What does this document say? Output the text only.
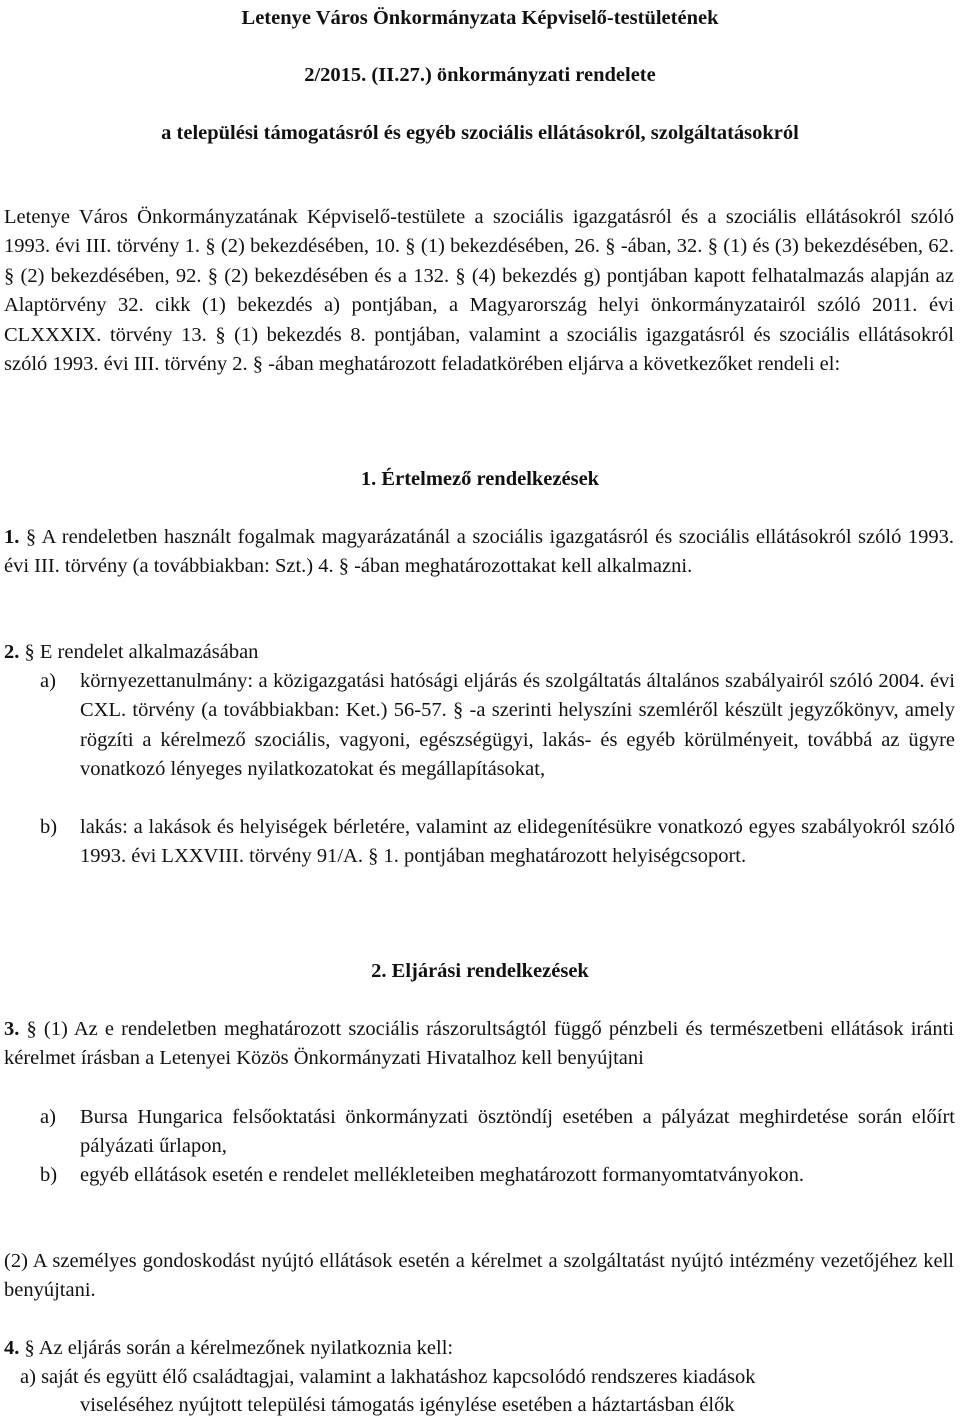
Letenye Város Önkormányzata Képviselő-testületének
2/2015. (II.27.) önkormányzati rendelete
a települési támogatásról és egyéb szociális ellátásokról, szolgáltatásokról
Letenye Város Önkormányzatának Képviselő-testülete a szociális igazgatásról és a szociális ellátásokról szóló 1993. évi III. törvény 1. § (2) bekezdésében, 10. § (1) bekezdésében, 26. § -ában, 32. § (1) és (3) bekezdésében, 62. § (2) bekezdésében, 92. § (2) bekezdésében és a 132. § (4) bekezdés g) pontjában kapott felhatalmazás alapján az Alaptörvény 32. cikk (1) bekezdés a) pontjában, a Magyarország helyi önkormányzatairól szóló 2011. évi CLXXXIX. törvény 13. § (1) bekezdés 8. pontjában, valamint a szociális igazgatásról és szociális ellátásokról szóló 1993. évi III. törvény 2. § -ában meghatározott feladatkörében eljárva a következőket rendeli el:
1. Értelmező rendelkezések
1. § A rendeletben használt fogalmak magyarázatánál a szociális igazgatásról és szociális ellátásokról szóló 1993. évi III. törvény (a továbbiakban: Szt.) 4. § -ában meghatározottakat kell alkalmazni.
2. § E rendelet alkalmazásában
a) környezettanulmány: a közigazgatási hatósági eljárás és szolgáltatás általános szabályairól szóló 2004. évi CXL. törvény (a továbbiakban: Ket.) 56-57. § -a szerinti helyszíni szemléről készült jegyzőkönyv, amely rögzíti a kérelmező szociális, vagyoni, egészségügyi, lakás- és egyéb körülményeit, továbbá az ügyre vonatkozó lényeges nyilatkozatokat és megállapításokat,
b) lakás: a lakások és helyiségek bérletére, valamint az elidegenítésükre vonatkozó egyes szabályokról szóló 1993. évi LXXVIII. törvény 91/A. § 1. pontjában meghatározott helyiségcsoport.
2. Eljárási rendelkezések
3. § (1) Az e rendeletben meghatározott szociális rászorultságtól függő pénzbeli és természetbeni ellátások iránti kérelmet írásban a Letenyei Közös Önkormányzati Hivatalhoz kell benyújtani
a) Bursa Hungarica felsőoktatási önkormányzati ösztöndíj esetében a pályázat meghirdetése során előírt pályázati űrlapon,
b) egyéb ellátások esetén e rendelet mellékleteiben meghatározott formanyomtatványokon.
(2) A személyes gondoskodást nyújtó ellátások esetén a kérelmet a szolgáltatást nyújtó intézmény vezetőjéhez kell benyújtani.
4. § Az eljárás során a kérelmezőnek nyilatkoznia kell:
a) saját és együtt élő családtagjai, valamint a lakhatáshoz kapcsolódó rendszeres kiadások
viseléséhez nyújtott települési támogatás igénylése esetében a háztartásban élők
